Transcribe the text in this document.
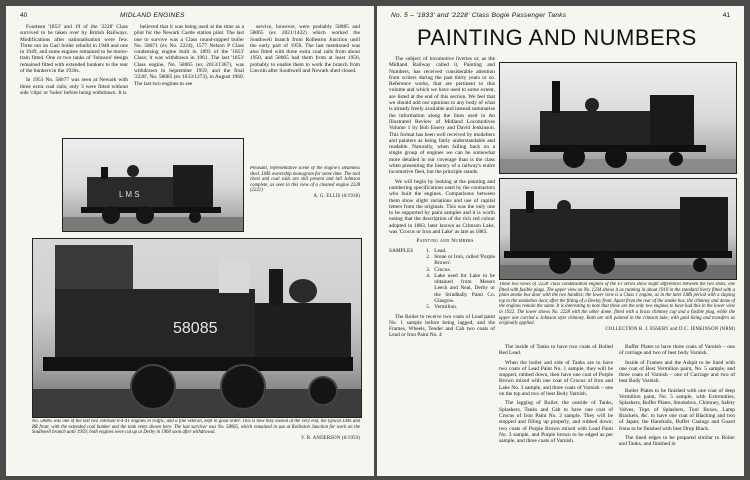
40	MIDLAND ENGINES

Fourteen '1853' and 19 of the '2228' Class survived to be taken over by British Railways. Modifications after nationalisation were few. Three ran on Gas! boiler rebuild in 1948 and one in 1949, and some engines remained to be motor-train fitted. One or two tanks of 'Johnson' design remained fitted with extended bunkers to the rear of the bunkers in the 1930s.

In 1953 No. 58077 was seen at Newark with three extra coal rails; only 3 were fitted without side 'clips' or 'holes' before being withdrawn. It is

believed that it was being used at the time as a pilot for the Newark Castle station pilot. The last one to survive was a Class round-topped boiler No. 58071 (ex No. 2224), 1577 Nelson P Class condensing engine built in 1893 of the '1853' Class; it was withdrawn in 1961. The last '1853' Class engine, No. 58065 (ex 2013/1367), was withdrawn in September 1959, and the final '2228', No. 58085 (ex 1633/1273), in August 1960. The last two engines to see

service, however, were probably 58085 and 58065 (ex 2021/1422) which worked the Southwell branch from Rolleston Junction until the early part of 1959. The last mentioned was also fitted with three extra coal rails from about 1950, and 58065 had them from at least 1956, probably to enable them to work the branch from Lincoln after Southwell and Newark shed closed.

L M S
Pleasant, representative scene of the engine's steamless shed. LMS ownership monogram for some time. The tool chest and coal rails are still present and tall Johnson complete, as seen in this view of a cleaned engine 2228 (2221)
A. G. ELLIS (6/1938)
58085
No. 58085 was one of the last two Johnson 0-4-4T engines in traffic, and a fine veteran, kept in good order. This is how they looked at the very end, the typical LMS and BR front, with the extended coal bunker and the tank vents shown here. The last survivor was No. 58065, which remained in use at Rolleston Junction for work on the Southwell branch until 1959; both engines were cut up at Derby in 1960 soon after withdrawal.
V. R. ANDERSON (8/1959)
No. 5 – '1833' and '2228' Class Bogie Passenger Tanks	41
PAINTING AND NUMBERS

The subject of locomotive liveries or, as the Midland Railway called it, Painting and Numbers, has received considerable attention from writers during the past thirty years or so. Reference works, that are pertinent to this volume and which we have used to some extent, are listed at the end of this section. We feel that we should add our opinions to any body of what is already freely available and instead summarise the information along the lines used in An Illustrated Review of Midland Locomotives Volume 1 by Bob Essery and David Jenkinson. This format has been well received by modellers and painters as being fairly understandable and readable. Naturally, when falling back on a single group of engines we can be somewhat more detailed in our coverage than is the class when presenting the history of a railway's entire locomotive fleet, but the principle stands.

We will begin by looking at the painting and numbering specifications used by the contractors who built the engines. Comparisons between them show slight variations and use of capital letters from the originals. This was the only one to be supported by paint samples and it is worth noting that the description of the rich red colour adopted in 1883, later known as Crimson Lake, was 'Crocus or Iron and Lake' as late as 1883.

Painting and Numbers

SAMPLES	1. Lead.
2. Stone or Iron, called 'Purple Brown'.
3. Crocus.
4. Lake used for Lake to be obtained from Messrs Leech and Neal, Derby or the Stradbally Paint Co. Glasgow.
5. Vermilion.

The Boiler to receive two coats of Lead paint No. 1 sample before being lagged, and the Frames, Wheels, Tender and Cab two coats of Lead or Iron Paint No. 4

These two views of '2228' class condensation engines of the FJ series show slight differences between the two shots, one fitted with fusible plugs. The upper view on No. 1234 shows it as running in about 1910 in the standard livery fitted with a plain smoke box door with the two handles; the lower view is a Class 1 engine, as in the later LMS period with a sloping top to the smokebox door, after the fitting of a Deeley front. Apart from the rear of the smoke box, the chimney and dome of the engines remain the same. It is interesting to note that these are the only two engines to have had this in the lower view in 1922. The lower shows No. 2228 with the other dome, fitted with a brass chimney cap and a fusible plug, while the upper one carried a Johnson style chimney. Both are still painted in the crimson lake, with gold lining and transfers as originally applied.
COLLECTION R. J. ESSERY and D.C. JENKINSON (NRM)

The inside of Tanks to have two coats of Boiled Red Lead.

When the boiler and side of Tanks are to have two coats of Lead Paint No. 1 sample, they will be stopped, rubbed down, then have one coat of Purple Brown mixed with one coat of Crocus of Iron and Lake No. 3 sample, and three coats of Varnish – one on the top and two of best Body Varnish.

The lagging of Boiler, the outside of Tanks, Splashers, Tanks and Cab to have one coat of Crocus of Iron Paint No. 2 sample. They will be stopped and filling up properly, and rubbed down; two coats of Purple Brown mixed with Lead Paint No. 3 sample, and Purple brown to be edged as per sample, and three coats of Varnish.

Buffer Plates to have three coats of Varnish – one of carriage and two of best body Varnish.

Inside of Frames and the Ashpit to be lined with one coat of Best Vermilion paint, No. 5 sample, and three coats of Varnish – one of Carriage and two of best Body Varnish.

Boiler Plates to be finished with one coat of deep Vermilion paint, No. 5 sample, with Extremities, Splashers, Buffer Plates, Smokebox, Chimney, Safety Valves, Tops of Splashers, Tool Boxes, Lamp Brackets, &c. to have one coat of Blacking and two of Japan; the Handrails, Buffer Casings and Guard Irons to be finished with best Drop Black.

The lined edges to be prepared similar to Boiler and Tanks, and finished in
